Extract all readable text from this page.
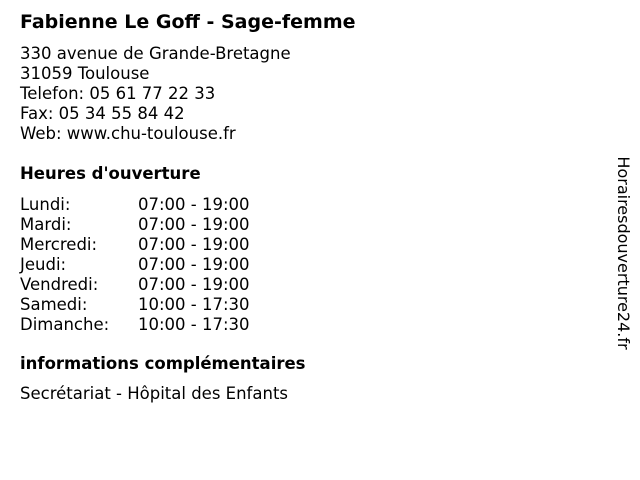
Fabienne Le Goff - Sage-femme
330 avenue de Grande-Bretagne
31059 Toulouse
Telefon: 05 61 77 22 33
Fax: 05 34 55 84 42
Web: www.chu-toulouse.fr
Heures d'ouverture
Lundi:	07:00 - 19:00
Mardi:	07:00 - 19:00
Mercredi: 07:00 - 19:00
Jeudi:	07:00 - 19:00
Vendredi: 07:00 - 19:00
Samedi:	10:00 - 17:30
Dimanche: 10:00 - 17:30
informations complémentaires
Secrétariat - Hôpital des Enfants
Horairesdouverture24.fr
